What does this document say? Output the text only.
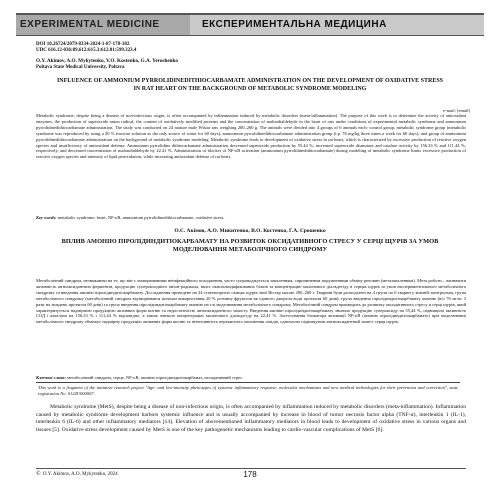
EXPERIMENTAL MEDICINE	ЕКСПЕРИМЕНТАЛЬНА МЕДИЦИНА
DOI 10.26724/2079-8334-2024-1-87-178-182
UDC 616.12-036:89.612:615.3:612.01:599.323.4
O.Y. Akimov, A.O. Mykytenko, V.O. Kostenko, G.A. Yeroshenko
Poltava State Medical University, Poltava
INFLUENCE OF AMMONIUM PYRROLIDINEDITHIOCARBAMATE ADMINISTRATION ON THE DEVELOPMENT OF OXIDATIVE STRESS IN RAT HEART ON THE BACKGROUND OF METABOLIC SYNDROME MODELING
e-mail: [email]
Metabolic syndrome, despite being a disease of non-infectious origin, is often accompanied by inflammation induced by metabolic disorders (meta-inflammation). The purpose of this work is to determine the activity of antioxidant enzymes, the production of superoxide anion radical, the content of oxidatively modified proteins and the concentration of malondialdehyde in the heart of rats under conditions of experimental metabolic syndrome and ammonium pyrrolidinedithiocarbamate administration. The study was conducted on 24 mature male Wistar rats weighing 200–260 g. The animals were divided into 4 groups of 6 animals each: control group; metabolic syndrome group (metabolic syndrome was reproduced by using a 20 % fructose solution as the only source of water for 60 days); ammonium pyrrolidinedithiocarbamate administration group (i.p. 76 mg/kg three times a week for 60 days); and group of ammonium pyrrolidinedithiocarbamate administration on the background of metabolic syndrome modeling. Metabolic syndrome leads to development of oxidative stress in rat heart, which is characterized by excessive production of reactive oxygen species and insufficiency of antioxidant defense. Ammonium pyrrolidine dithiocarbamate administration decreased superoxide production by 55.44 %, increased superoxide dismutase and catalase activity by 156.33 % and 111.44 %, respectively, and decreased concentration of malondialdehyde by 22.41 %. Administration of blocker of NF-κB activation (ammonium pyrrolidinedithiocarbamate) during modeling of metabolic syndrome limits excessive production of reactive oxygen species and intensity of lipid peroxidation, while increasing antioxidant defense of rat heart.
Key words: metabolic syndrome, heart, NF-κB, ammonium pyrrolidinedithiocarbamate, oxidative stress.
О.Є. Акімов, А.О. Микитенко, В.О. Костенко, Г.А. Єрошенко
ВПЛИВ АМОНІЮ ПІРОЛІДИНДИТІОКАРБАМАТУ НА РОЗВИТОК ОКСИДАТИВНОГО СТРЕСУ У СЕРЦІ ЩУРІВ ЗА УМОВ МОДЕЛЮВАННЯ МЕТАБОЛІЧНОГО СИНДРОМУ
Метаболічний синдром, незважаючи на те, що він є захворюванням неінфекційного походження, часто супроводжується запаленням, спричиненим порушеннями обміну речовин (метазапаленням). Мета роботи – визначити активність антиоксидантних ферментів, продукцію супероксидного аніон-радикала, вміст окисномодифікованих білків та концентрацію малонового діальдегіду в серцях щурів за умов експериментального метаболічного синдрому та введення амонію піролідиндитіокарбамату. Дослідження проведене на 24 статевозрілих самцях щурів лінії Вістар масою 200–260 г. Тварини були розподілені на 4 групи по 6 тварин у кожній: контрольна, група метаболічного синдрому (метаболічний синдром відтворювався шляхом використання 20 % розчину фруктози як єдиного джерела води протягом 60 днів); група введення піролідиндитіокарбамату амонію (в/о 76 мг/кг 3 рази на тиждень протягом 60 днів) та група введення піролідиндитіокарбамату амонію на тлі моделювання метаболічного синдрому. Метаболічний синдром призводить до розвитку оксидативного стресу в серці щурів, який характеризується надмірною продукцією активних форм кисню та недостатністю антиоксидантного захисту. Введення амонію піролідиндитіокарбамату знизило продукцію супероксиду на 55,44 %, підвищило активність СОД і каталази на 156,33 % і 111,44 % відповідно, а також знизило концентрацію малонового діальдегіду на 22,41 %. Застосування блокатора активації NF-κB (амонію піролідиндитіокарбамату) при моделюванні метаболічного синдрому обмежує надмірну продукцію активних форм кисню та інтенсивність перекисного окиснення ліпідів, одночасно підвищуючи антиоксидантний захист серця щурів.
Ключові слова: метаболічний синдром, серце, NF-κB, амонію піролідиндитіокарбамат, оксидативний стрес.
This work is a fragment of the initiative research project "Age- and low-intensity phenotypes of systemic inflammatory response: molecular mechanisms and new medical technologies for their prevention and correction", state registration No. 0124U000007.
Metabolic syndrome (MetS), despite being a disease of non-infectious origin, is often accompanied by inflammation induced by metabolic disorders (meta-inflammation). Inflammation caused by metabolic syndrome development harbors systemic influence and is usually accompanied by increase in blood of tumor necrosis factor alpha (TNF-α), interleukin 1 (IL-1), interleukin 6 (IL-6) and other inflammatory mediators [14]. Elevation of abovementioned inflammatory mediators in blood leads to development of oxidative stress in various organs and tissues [5]. Oxidative stress development caused by MetS is one of the key pathogenetic mechanisms leading to cardio-vascular complications of MetS [6].
© O.Y. Akimov, A.O. Mykytenko, 2024	178
